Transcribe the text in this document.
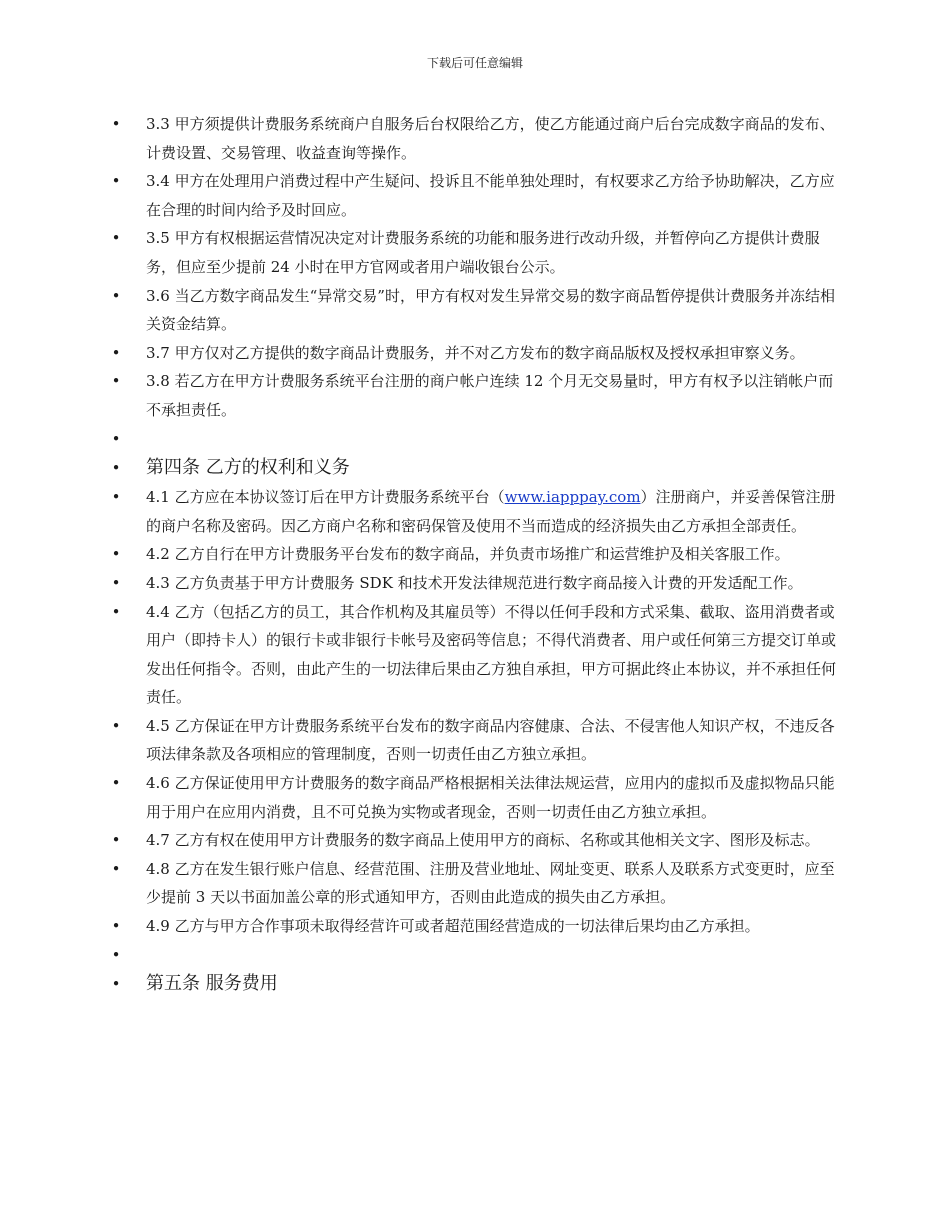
下载后可任意编辑
• 3.3 甲方须提供计费服务系统商户自服务后台权限给乙方，使乙方能通过商户后台完成数字商品的发布、计费设置、交易管理、收益查询等操作。
• 3.4 甲方在处理用户消费过程中产生疑问、投诉且不能单独处理时，有权要求乙方给予协助解决，乙方应在合理的时间内给予及时回应。
• 3.5 甲方有权根据运营情况决定对计费服务系统的功能和服务进行改动升级，并暂停向乙方提供计费服务，但应至少提前 24 小时在甲方官网或者用户端收银台公示。
• 3.6 当乙方数字商品发生“异常交易”时，甲方有权对发生异常交易的数字商品暂停提供计费服务并冻结相关资金结算。
• 3.7 甲方仅对乙方提供的数字商品计费服务，并不对乙方发布的数字商品版权及授权承担审察义务。
• 3.8 若乙方在甲方计费服务系统平台注册的商户帐户连续 12 个月无交易量时，甲方有权予以注销帐户而不承担责任。
•
• 第四条 乙方的权利和义务
• 4.1 乙方应在本协议签订后在甲方计费服务系统平台（www.iapppay.com）注册商户，并妥善保管注册的商户名称及密码。因乙方商户名称和密码保管及使用不当而造成的经济损失由乙方承担全部责任。
• 4.2 乙方自行在甲方计费服务平台发布的数字商品，并负责市场推广和运营维护及相关客服工作。
• 4.3 乙方负责基于甲方计费服务 SDK 和技术开发法律规范进行数字商品接入计费的开发适配工作。
• 4.4 乙方（包括乙方的员工，其合作机构及其雇员等）不得以任何手段和方式采集、截取、盗用消费者或用户（即持卡人）的银行卡或非银行卡帐号及密码等信息；不得代消费者、用户或任何第三方提交订单或发出任何指令。否则，由此产生的一切法律后果由乙方独自承担，甲方可据此终止本协议，并不承担任何责任。
• 4.5 乙方保证在甲方计费服务系统平台发布的数字商品内容健康、合法、不侵害他人知识产权，不违反各项法律条款及各项相应的管理制度，否则一切责任由乙方独立承担。
• 4.6 乙方保证使用甲方计费服务的数字商品严格根据相关法律法规运营，应用内的虚拟币及虚拟物品只能用于用户在应用内消费，且不可兑换为实物或者现金，否则一切责任由乙方独立承担。
• 4.7 乙方有权在使用甲方计费服务的数字商品上使用甲方的商标、名称或其他相关文字、图形及标志。
• 4.8 乙方在发生银行账户信息、经营范围、注册及营业地址、网址变更、联系人及联系方式变更时，应至少提前 3 天以书面加盖公章的形式通知甲方，否则由此造成的损失由乙方承担。
• 4.9 乙方与甲方合作事项未取得经营许可或者超范围经营造成的一切法律后果均由乙方承担。
•
• 第五条 服务费用
